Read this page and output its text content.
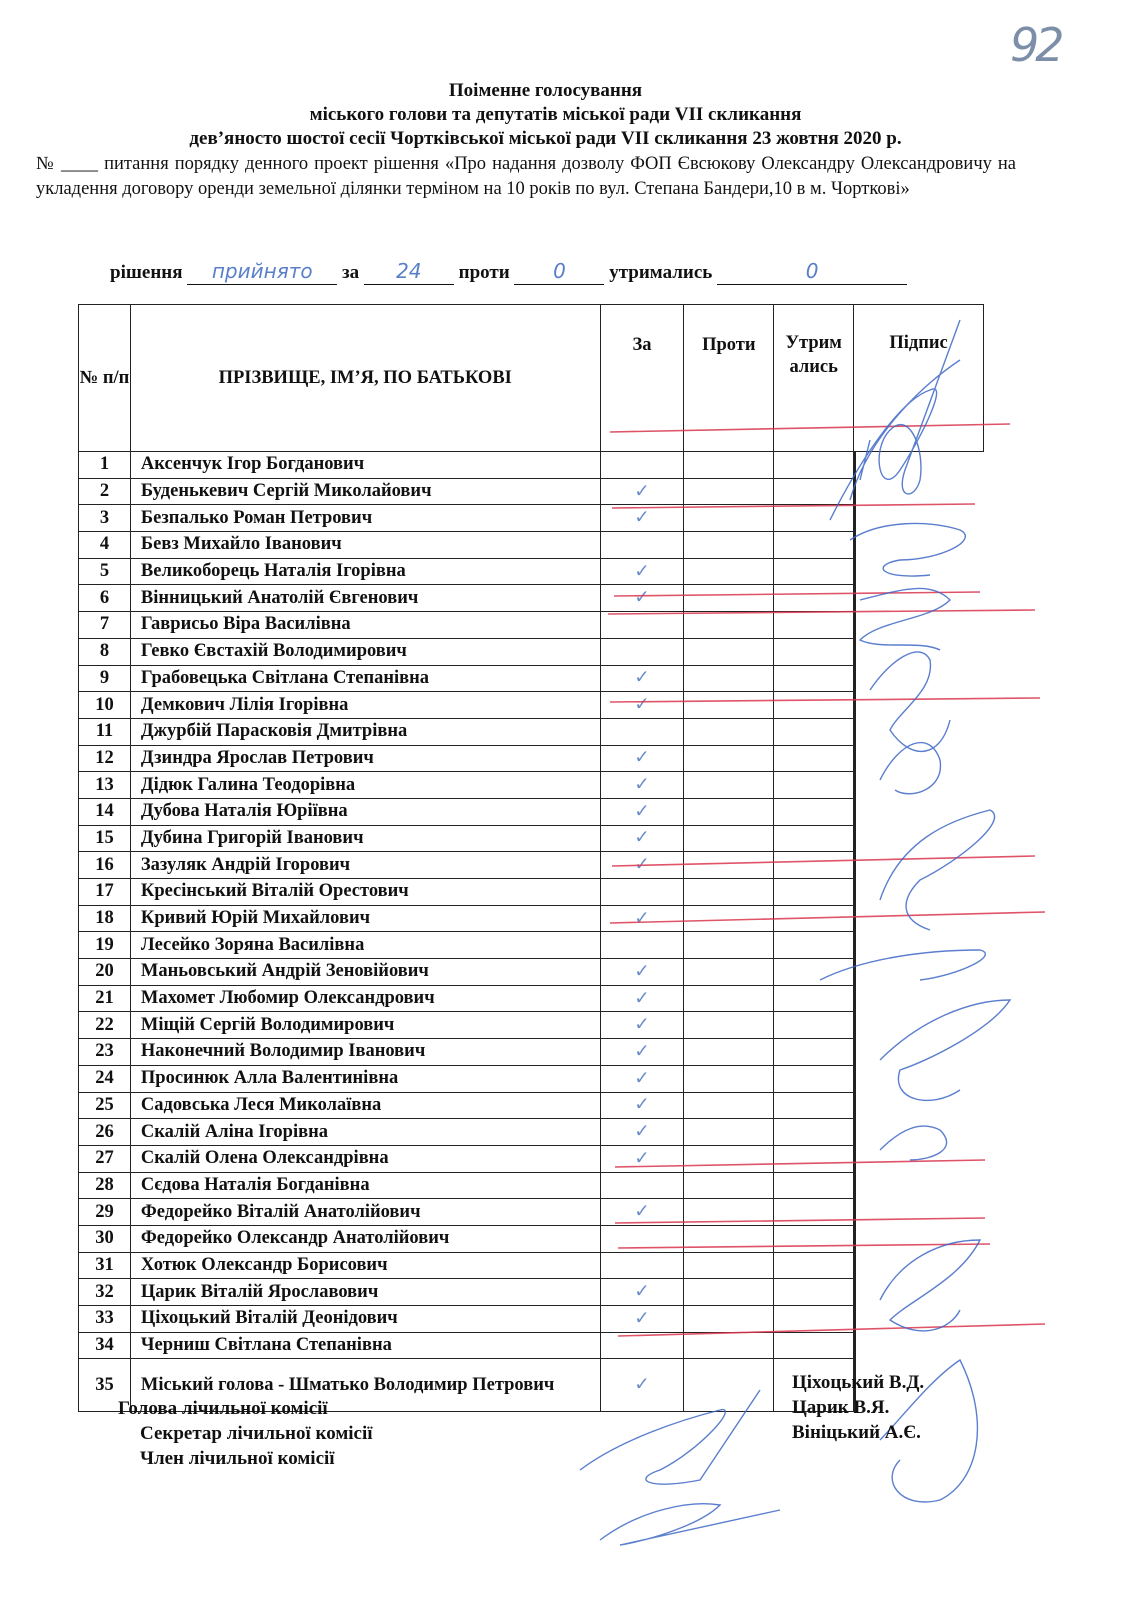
92
Поіменне голосування
міського голови та депутатів міської ради VII скликання
дев’яносто шостої сесії Чортківської міської ради VII скликання 23 жовтня 2020 р.
№ ____ питання порядку денного проект рішення «Про надання дозволу ФОП Євсюкову Олександру Олександровичу на укладення договору оренди земельної ділянки терміном на 10 років по вул. Степана Бандери,10 в м. Чорткові»
рішення прийнято за 24 проти 0 утримались	0
№ п/п	ПРІЗВИЩЕ, ІМ’Я, ПО БАТЬКОВІ	За	Проти	Утримались	Підпис
1	Аксенчук Ігор Богданович				

2	Буденькевич Сергій Миколайович	✓			

3	Безпалько Роман Петрович	✓			

4	Бевз Михайло Іванович				

5	Великоборець Наталія Ігорівна	✓			

6	Вінницький Анатолій Євгенович	✓			

7	Гаврисьо Віра Василівна				

8	Гевко Євстахій Володимирович				

9	Грабовецька Світлана Степанівна	✓			

10	Демкович Лілія Ігорівна	✓			

11	Джурбій Парасковія Дмитрівна				

12	Дзиндра Ярослав Петрович	✓			

13	Дідюк Галина Теодорівна	✓			

14	Дубова Наталія Юріївна	✓			

15	Дубина Григорій Іванович	✓			

16	Зазуляк Андрій Ігорович	✓			

17	Кресінський Віталій Орестович				

18	Кривий Юрій Михайлович	✓			

19	Лесейко Зоряна Василівна				

20	Маньовський Андрій Зеновійович	✓			

21	Махомет Любомир Олександрович	✓			

22	Міщій Сергій Володимирович	✓			

23	Наконечний Володимир Іванович	✓			

24	Просинюк Алла Валентинівна	✓			

25	Садовська Леся Миколаївна	✓			

26	Скалій Аліна Ігорівна	✓			

27	Скалій Олена Олександрівна	✓			

28	Сєдова Наталія Богданівна				

29	Федорейко Віталій Анатолійович	✓			

30	Федорейко Олександр Анатолійович				

31	Хотюк Олександр Борисович				

32	Царик Віталій Ярославович	✓			

33	Ціхоцький Віталій Деонідович	✓			

34	Черниш Світлана Степанівна				

35	Міський голова - Шматько Володимир Петрович	✓			
Голова лічильної комісії
Секретар лічильної комісії
Член лічильної комісії
Ціхоцький В.Д.
Царик В.Я.
Вініцький А.Є.
